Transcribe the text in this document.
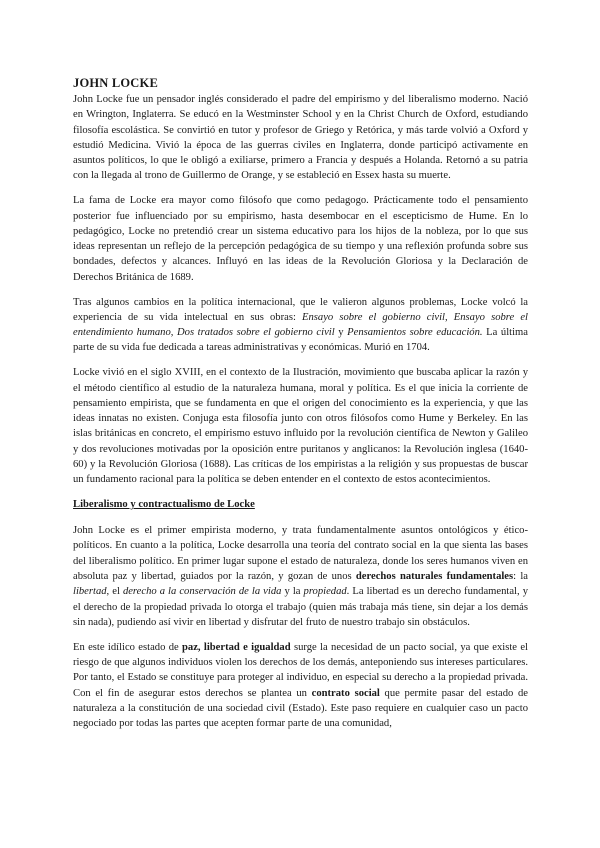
JOHN LOCKE

John Locke fue un pensador inglés considerado el padre del empirismo y del liberalismo moderno. Nació en Wrington, Inglaterra. Se educó en la Westminster School y en la Christ Church de Oxford, estudiando filosofía escolástica. Se convirtió en tutor y profesor de Griego y Retórica, y más tarde volvió a Oxford y estudió Medicina. Vivió la época de las guerras civiles en Inglaterra, donde participó activamente en asuntos políticos, lo que le obligó a exiliarse, primero a Francia y después a Holanda. Retornó a su patria con la llegada al trono de Guillermo de Orange, y se estableció en Essex hasta su muerte.

La fama de Locke era mayor como filósofo que como pedagogo. Prácticamente todo el pensamiento posterior fue influenciado por su empirismo, hasta desembocar en el escepticismo de Hume. En lo pedagógico, Locke no pretendió crear un sistema educativo para los hijos de la nobleza, por lo que sus ideas representan un reflejo de la percepción pedagógica de su tiempo y una reflexión profunda sobre sus bondades, defectos y alcances. Influyó en las ideas de la Revolución Gloriosa y la Declaración de Derechos Británica de 1689.

Tras algunos cambios en la política internacional, que le valieron algunos problemas, Locke volcó la experiencia de su vida intelectual en sus obras: Ensayo sobre el gobierno civil, Ensayo sobre el entendimiento humano, Dos tratados sobre el gobierno civil y Pensamientos sobre educación. La última parte de su vida fue dedicada a tareas administrativas y económicas. Murió en 1704.

Locke vivió en el siglo XVIII, en el contexto de la Ilustración, movimiento que buscaba aplicar la razón y el método científico al estudio de la naturaleza humana, moral y política. Es el que inicia la corriente de pensamiento empirista, que se fundamenta en que el origen del conocimiento es la experiencia, y que las ideas innatas no existen. Conjuga esta filosofía junto con otros filósofos como Hume y Berkeley. En las islas británicas en concreto, el empirismo estuvo influido por la revolución científica de Newton y Galileo y dos revoluciones motivadas por la oposición entre puritanos y anglicanos: la Revolución inglesa (1640-60) y la Revolución Gloriosa (1688). Las críticas de los empiristas a la religión y sus propuestas de buscar un fundamento racional para la política se deben entender en el contexto de estos acontecimientos.

Liberalismo y contractualismo de Locke

John Locke es el primer empirista moderno, y trata fundamentalmente asuntos ontológicos y ético-políticos. En cuanto a la política, Locke desarrolla una teoría del contrato social en la que sienta las bases del liberalismo político. En primer lugar supone el estado de naturaleza, donde los seres humanos viven en absoluta paz y libertad, guiados por la razón, y gozan de unos derechos naturales fundamentales: la libertad, el derecho a la conservación de la vida y la propiedad. La libertad es un derecho fundamental, y el derecho de la propiedad privada lo otorga el trabajo (quien más trabaja más tiene, sin dejar a los demás sin nada), pudiendo así vivir en libertad y disfrutar del fruto de nuestro trabajo sin obstáculos.

En este idílico estado de paz, libertad e igualdad surge la necesidad de un pacto social, ya que existe el riesgo de que algunos individuos violen los derechos de los demás, anteponiendo sus intereses particulares. Por tanto, el Estado se constituye para proteger al individuo, en especial su derecho a la propiedad privada. Con el fin de asegurar estos derechos se plantea un contrato social que permite pasar del estado de naturaleza a la constitución de una sociedad civil (Estado). Este paso requiere en cualquier caso un pacto negociado por todas las partes que acepten formar parte de una comunidad,
